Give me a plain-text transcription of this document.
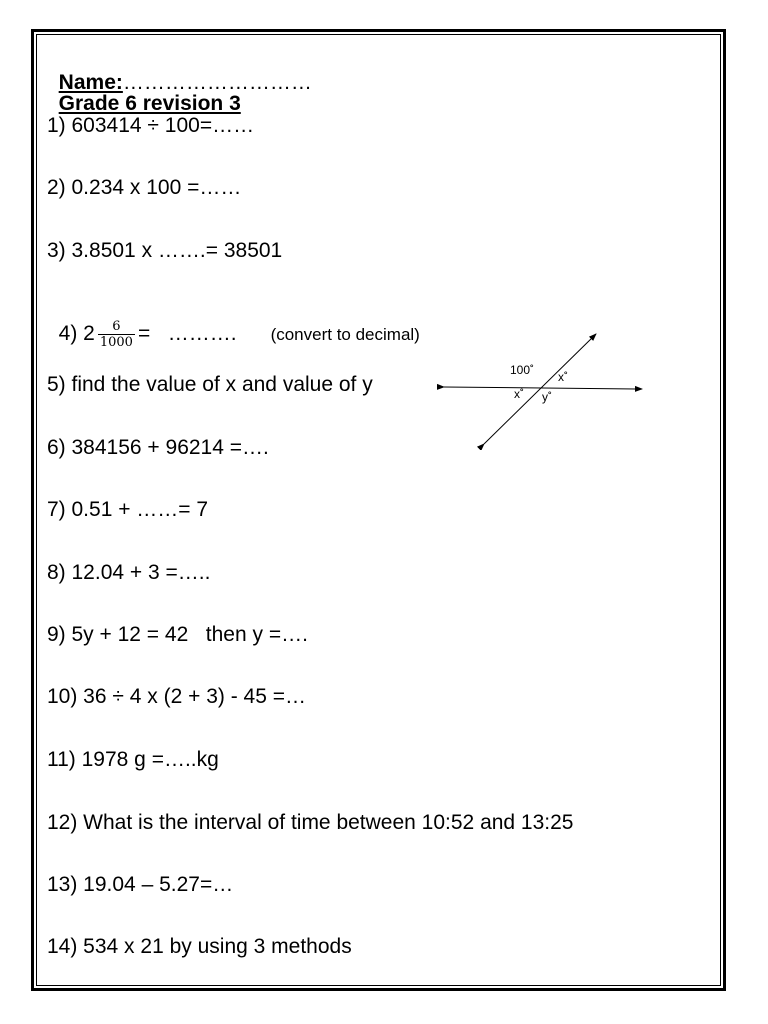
Name:………………………
Grade 6 revision 3

1) 603414 ÷ 100=……
2) 0.234 x 100 =……
3) 3.8501 x …….= 38501

4) $2 \frac{6}{1000}$ =   ………. (convert to decimal)

5) find the value of x and value of y
100˚ x˚
x˚ y˚
6) 384156 + 96214 =….
7) 0.51 + ……= 7
8) 12.04 + 3 =…..
9) 5y + 12 = 42   then y =….
10) 36 ÷ 4 x (2 + 3) - 45 =…
11) 1978 g =…..kg
12) What is the interval of time between 10:52 and 13:25
13) 19.04 – 5.27=…
14) 534 x 21 by using 3 methods
